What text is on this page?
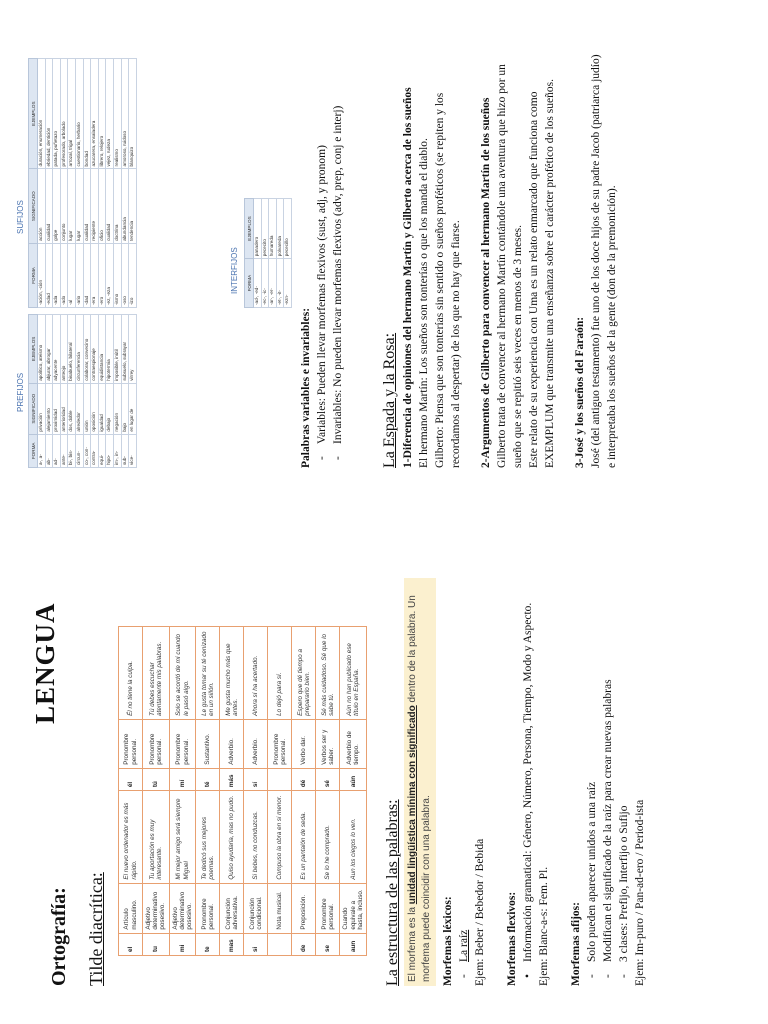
LENGUA
Ortografía: Tilde diacrítica:	el	Artículo masculino.	El nuevo ordenador es más rápido.	él	Pronombre personal.	Él no tiene la culpa.
tu	Adjetivo determinativo posesivo.	Tu aportación es muy interesante.	tú	Pronombre personal.	Tú debes escuchar atentamente mis palabras.
mi	Adjetivo determinativo posesivo.	Mi mejor amigo será siempre Miguel	mí	Pronombre personal.	Solo se acordó de mí cuando le pasó algo.
te	Pronombre personal.	Te dedicó sus mejores poemas.	té	Sustantivo.	Le gusta tomar su té cenizado en un sillón.
mas	Conjunción adversativa.	Quiso ayudarla, mas no pudo.	más	Adverbio.	Me gusta mucho más que antes.
si	Conjunción condicional.	Si bebes, no conduzcas.	sí	Adverbio.	Ahora sí ha acertado.
	Nota musical.	Compuso la obra en si menor.		Pronombre personal.	Lo dejó para sí.
de	Preposición.	Es un pantalón de seda.	dé	Verbo dar.	Espero que dé tiempo a prepararlo bien.
se	Pronombre personal.	Se lo he comprado.	sé	Verbos ser y saber.	Sé más cuidadoso. Sé que lo sabe tú.
aun	Cuando equivale a hasta, incluso.	Aun los ciegos lo ven.	aún	Adverbio de tiempo.	Aún no han publicado ese título en España.
La estructura de las palabras: El morfema es la unidad lingüística mínima con significado dentro de la palabra. Un morfema puede coincidir con una palabra. Morfemas léxicos: - La raíz Ejem: Beber / Bebedor / Bebida Morfemas flexivos: • Información gramatical: Género, Número, Persona, Tiempo, Modo y Aspecto. Ejem: Blanc-a-s: Fem. Pl. Morfemas afijos: - Solo pueden aparecer unidos a una raíz - Modifican el significado de la raíz para crear nuevas palabras - 3 clases: Prefijo, Interfijo o Sufijo Ejem: Im-puro / Pan-ad-ero / Period-ista
PREFIJOS
FORMA	SIGNIFICADO	EJEMPLOS
a-, a-	privación	apolítico, ateísmo
ab-	alejamiento	abjurar, abrogar
ad-	proximidad	adyacente
ante-	anterioridad	anteojo
bi-, bis-	dos, doble	bisabuelo, bilateral
circun-	alrededor	circunferencia
co-, con-	unión	colaborar, convecino
contra-	oposición	contraespionaje
equi-	igualdad	equidistancia
hipo-	debajo	hipotermia
im-, in-	negación	imposible, inútil
sub-	bajo	subsuelo, subrayar
vice-	en lugar de	virrey
INTERFIJOS FORMA	EJEMPLOS
-ad-, -ed-	panadero
-ec-, -ic-	pececito
-ar-, -er-	humareda
-et-, -it-	polvareda
-ezn-	pececillo
SUFIJOS
FORMA	SIGNIFICADO	EJEMPLOS
-ación, -ción	acción	duración, enumeración
-edad	cualidad	ebriedad, dentición
-ada	golpe	patada, puñetazo
-ado	conjunto	profesorado, arbolado
-al	lugar	arrozal, trigal
-ario	lugar	cuestionario, herbario
-dad	cualidad	bondad
-era	recipiente	azucarera, ensaladera
-ero	oficio	librero, relojero
-ez, -eza	cualidad	vejez, rudeza
-ismo	doctrina	realismo
-oso	abundancia	amoroso, ruidoso
-izo	tendencia	blanquizo
Palabras variables e invariables: - Variables: Pueden llevar morfemas flexivos (sust, adj, y pronom) - Invariables: No pueden llevar morfemas flexivos (adv, prep, conj e interj) La Espada y la Rosa: 1-Diferencia de opiniones del hermano Martín y Gilberto acerca de los sueños El hermano Martín: Los sueños son tonterías o que los manda el diablo. Gilberto: Piensa que son tonterías sin sentido o sueños proféticos (se repiten y los recordamos al despertar) de los que no hay que fiarse. 2-Argumentos de Gilberto para convencer al hermano Martín de los sueños Gilberto trata de convencer al hermano Martín contándole una aventura que hizo por un sueño que se repitió seis veces en menos de 3 meses. Este relato de su experiencia con Uma es un relato enmarcado que funciona como EXEMPLUM que transmite una enseñanza sobre el carácter profético de los sueños. 3-José y los sueños del Faraón: José (del antiguo testamento) fue uno de los doce hijos de su padre Jacob (patriarca judío) e interpretaba los sueños de la gente (don de la premonición).
